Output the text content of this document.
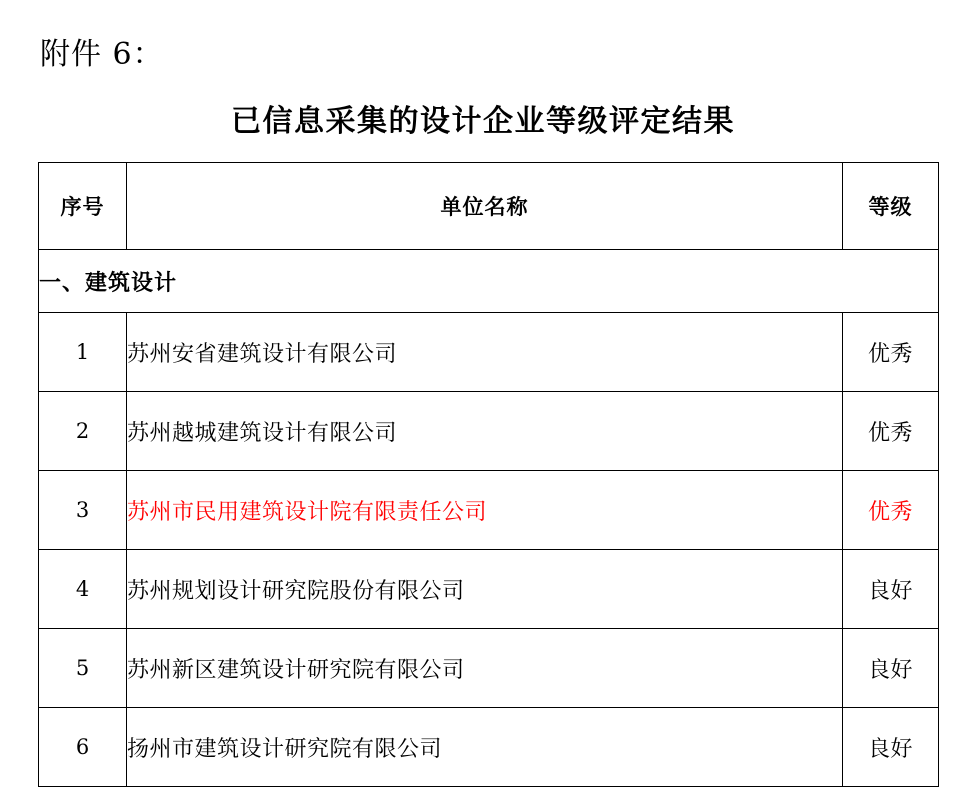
附件 6：
已信息采集的设计企业等级评定结果
序号	单位名称	等级
一、建筑设计		
1	苏州安省建筑设计有限公司	优秀
2	苏州越城建筑设计有限公司	优秀
3	苏州市民用建筑设计院有限责任公司	优秀
4	苏州规划设计研究院股份有限公司	良好
5	苏州新区建筑设计研究院有限公司	良好
6	扬州市建筑设计研究院有限公司	良好
